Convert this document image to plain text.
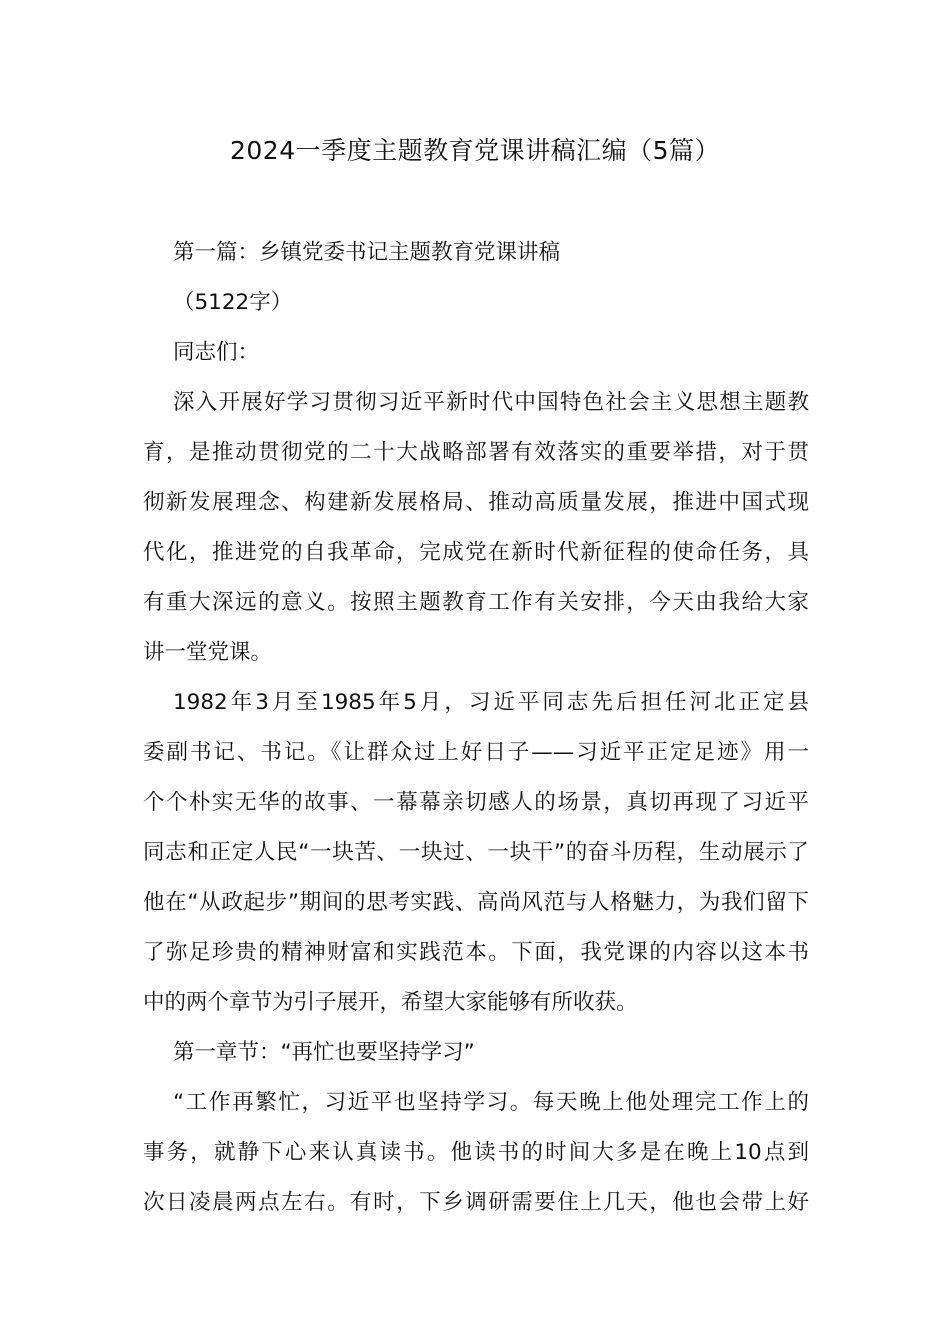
2024一季度主题教育党课讲稿汇编（5篇）
第一篇：乡镇党委书记主题教育党课讲稿
（5122字）
同志们：
深入开展好学习贯彻习近平新时代中国特色社会主义思想主题教
育，是推动贯彻党的二十大战略部署有效落实的重要举措，对于贯
彻新发展理念、构建新发展格局、推动高质量发展，推进中国式现
代化，推进党的自我革命，完成党在新时代新征程的使命任务，具
有重大深远的意义。按照主题教育工作有关安排，今天由我给大家
讲一堂党课。
1982年3月至1985年5月，习近平同志先后担任河北正定县
委副书记、书记。《让群众过上好日子——习近平正定足迹》用一
个个朴实无华的故事、一幕幕亲切感人的场景，真切再现了习近平
同志和正定人民“一块苦、一块过、一块干”的奋斗历程，生动展示了
他在“从政起步”期间的思考实践、高尚风范与人格魅力，为我们留下
了弥足珍贵的精神财富和实践范本。下面，我党课的内容以这本书
中的两个章节为引子展开，希望大家能够有所收获。
第一章节：“再忙也要坚持学习”
“工作再繁忙，习近平也坚持学习。每天晚上他处理完工作上的
事务，就静下心来认真读书。他读书的时间大多是在晚上10点到
次日凌晨两点左右。有时，下乡调研需要住上几天，他也会带上好
